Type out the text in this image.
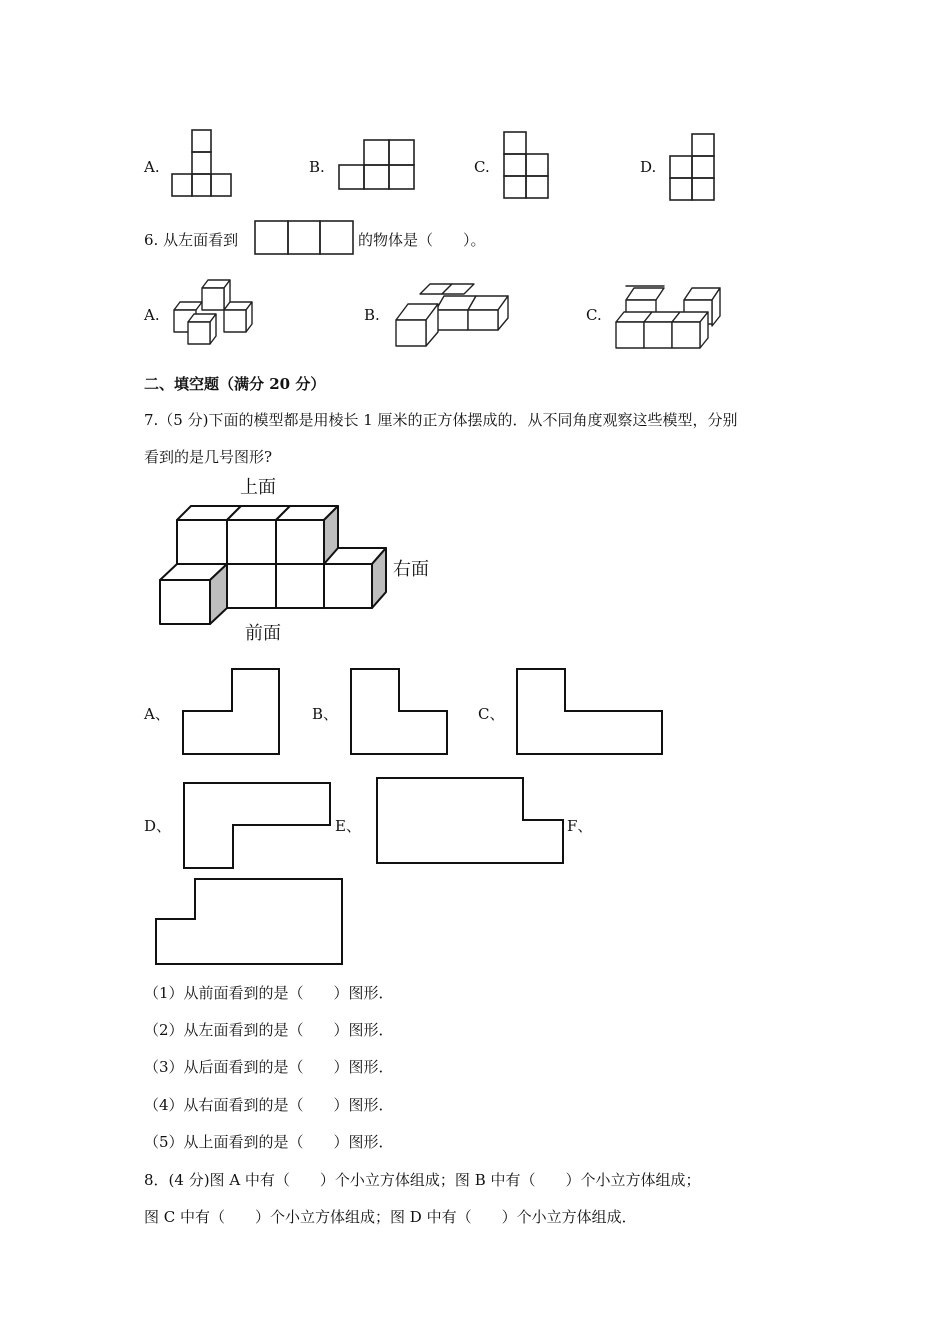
A.	B.	C.	D.
6. 从左面看到	的物体是（　　）。
A.	B.	C.
二、填空题（满分 20 分）
7.（5 分)下面的模型都是用棱长 1 厘米的正方体摆成的．从不同角度观察这些模型，分别
看到的是几号图形?
上面
右面
前面
A、	B、	C、
D、	E、	F、
（1）从前面看到的是（　　）图形．
（2）从左面看到的是（　　）图形．
（3）从后面看到的是（　　）图形．
（4）从右面看到的是（　　）图形．
（5）从上面看到的是（　　）图形．
8．(4 分)图 A 中有（　　）个小立方体组成；图 B 中有（　　）个小立方体组成；
图 C 中有（　　）个小立方体组成；图 D 中有（　　）个小立方体组成．
